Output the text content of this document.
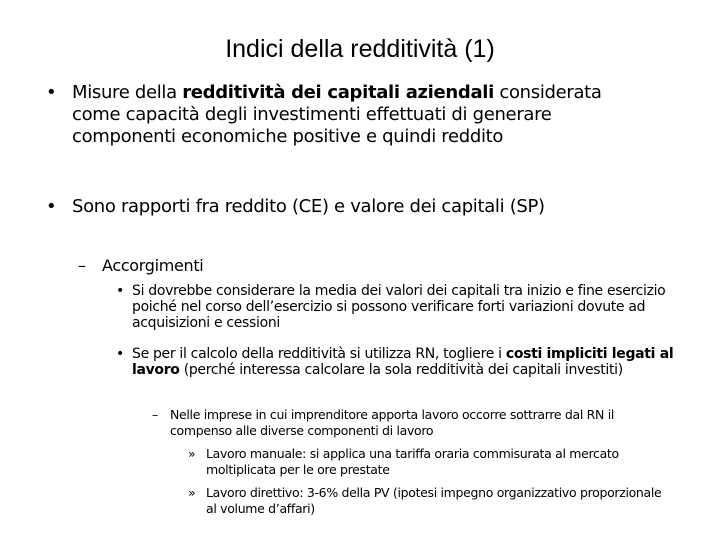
Indici della redditività (1)
• Misure della redditività dei capitali aziendali considerata come capacità degli investimenti effettuati di generare componenti economiche positive e quindi reddito
• Sono rapporti fra reddito (CE) e valore dei capitali (SP)
– Accorgimenti
• Si dovrebbe considerare la media dei valori dei capitali tra inizio e fine esercizio poiché nel corso dell’esercizio si possono verificare forti variazioni dovute ad acquisizioni e cessioni
• Se per il calcolo della redditività si utilizza RN, togliere i costi impliciti legati al lavoro (perché interessa calcolare la sola redditività dei capitali investiti)
– Nelle imprese in cui imprenditore apporta lavoro occorre sottrarre dal RN il compenso alle diverse componenti di lavoro
» Lavoro manuale: si applica una tariffa oraria commisurata al mercato moltiplicata per le ore prestate
» Lavoro direttivo: 3-6% della PV (ipotesi impegno organizzativo proporzionale al volume d’affari)
